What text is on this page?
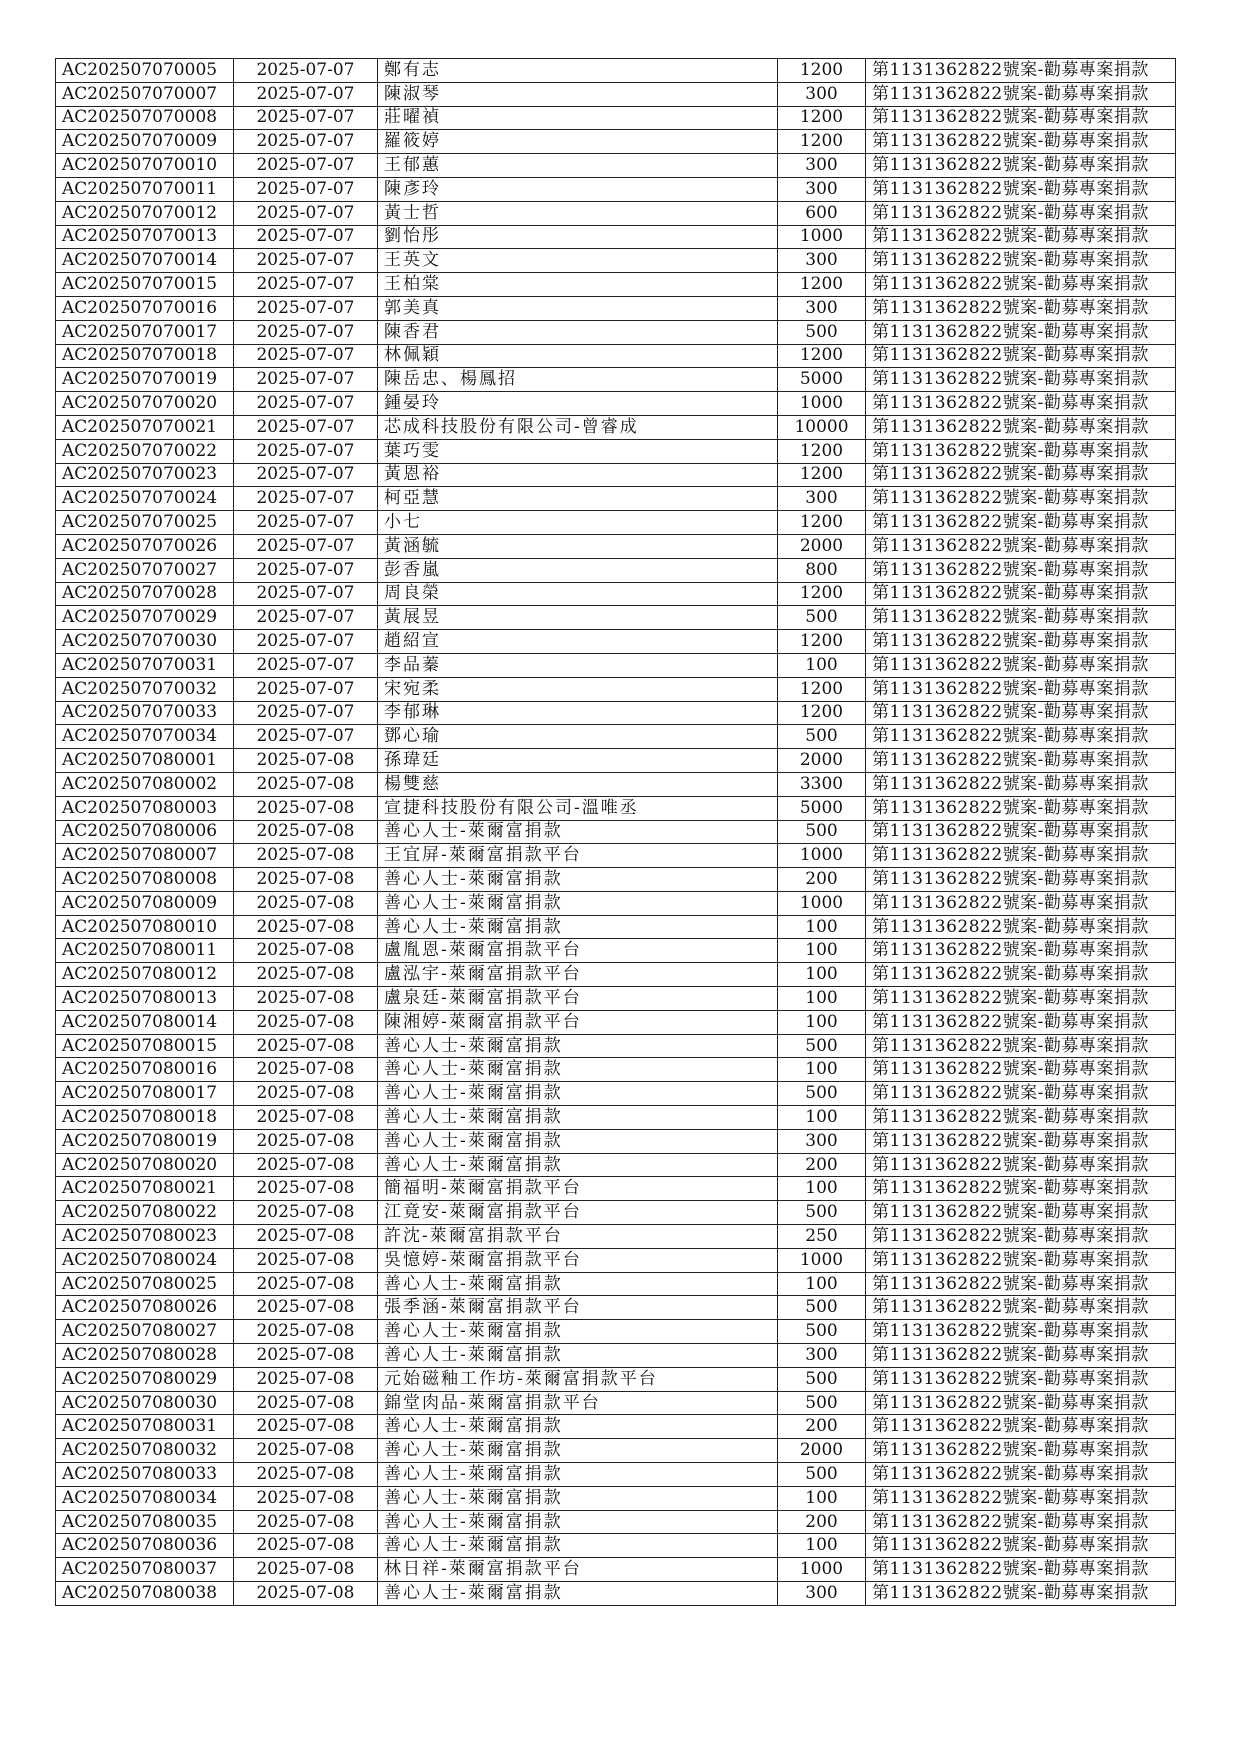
AC202507070005	2025-07-07	鄭有志	1200	第1131362822號案-勸募專案捐款
AC202507070007	2025-07-07	陳淑琴	300	第1131362822號案-勸募專案捐款
AC202507070008	2025-07-07	莊曜禎	1200	第1131362822號案-勸募專案捐款
AC202507070009	2025-07-07	羅筱婷	1200	第1131362822號案-勸募專案捐款
AC202507070010	2025-07-07	王郁蕙	300	第1131362822號案-勸募專案捐款
AC202507070011	2025-07-07	陳彥玲	300	第1131362822號案-勸募專案捐款
AC202507070012	2025-07-07	黃士哲	600	第1131362822號案-勸募專案捐款
AC202507070013	2025-07-07	劉怡彤	1000	第1131362822號案-勸募專案捐款
AC202507070014	2025-07-07	王英文	300	第1131362822號案-勸募專案捐款
AC202507070015	2025-07-07	王柏棠	1200	第1131362822號案-勸募專案捐款
AC202507070016	2025-07-07	郭美真	300	第1131362822號案-勸募專案捐款
AC202507070017	2025-07-07	陳香君	500	第1131362822號案-勸募專案捐款
AC202507070018	2025-07-07	林佩穎	1200	第1131362822號案-勸募專案捐款
AC202507070019	2025-07-07	陳岳忠、楊鳳招	5000	第1131362822號案-勸募專案捐款
AC202507070020	2025-07-07	鍾晏玲	1000	第1131362822號案-勸募專案捐款
AC202507070021	2025-07-07	芯成科技股份有限公司-曾睿成	10000	第1131362822號案-勸募專案捐款
AC202507070022	2025-07-07	葉巧雯	1200	第1131362822號案-勸募專案捐款
AC202507070023	2025-07-07	黃恩裕	1200	第1131362822號案-勸募專案捐款
AC202507070024	2025-07-07	柯亞慧	300	第1131362822號案-勸募專案捐款
AC202507070025	2025-07-07	小七	1200	第1131362822號案-勸募專案捐款
AC202507070026	2025-07-07	黃涵毓	2000	第1131362822號案-勸募專案捐款
AC202507070027	2025-07-07	彭香嵐	800	第1131362822號案-勸募專案捐款
AC202507070028	2025-07-07	周良榮	1200	第1131362822號案-勸募專案捐款
AC202507070029	2025-07-07	黃展昱	500	第1131362822號案-勸募專案捐款
AC202507070030	2025-07-07	趙紹宣	1200	第1131362822號案-勸募專案捐款
AC202507070031	2025-07-07	李品蓁	100	第1131362822號案-勸募專案捐款
AC202507070032	2025-07-07	宋宛柔	1200	第1131362822號案-勸募專案捐款
AC202507070033	2025-07-07	李郁琳	1200	第1131362822號案-勸募專案捐款
AC202507070034	2025-07-07	鄧心瑜	500	第1131362822號案-勸募專案捐款
AC202507080001	2025-07-08	孫瑋廷	2000	第1131362822號案-勸募專案捐款
AC202507080002	2025-07-08	楊雙慈	3300	第1131362822號案-勸募專案捐款
AC202507080003	2025-07-08	宣捷科技股份有限公司-溫唯丞	5000	第1131362822號案-勸募專案捐款
AC202507080006	2025-07-08	善心人士-萊爾富捐款	500	第1131362822號案-勸募專案捐款
AC202507080007	2025-07-08	王宜屏-萊爾富捐款平台	1000	第1131362822號案-勸募專案捐款
AC202507080008	2025-07-08	善心人士-萊爾富捐款	200	第1131362822號案-勸募專案捐款
AC202507080009	2025-07-08	善心人士-萊爾富捐款	1000	第1131362822號案-勸募專案捐款
AC202507080010	2025-07-08	善心人士-萊爾富捐款	100	第1131362822號案-勸募專案捐款
AC202507080011	2025-07-08	盧胤恩-萊爾富捐款平台	100	第1131362822號案-勸募專案捐款
AC202507080012	2025-07-08	盧泓宇-萊爾富捐款平台	100	第1131362822號案-勸募專案捐款
AC202507080013	2025-07-08	盧泉廷-萊爾富捐款平台	100	第1131362822號案-勸募專案捐款
AC202507080014	2025-07-08	陳湘婷-萊爾富捐款平台	100	第1131362822號案-勸募專案捐款
AC202507080015	2025-07-08	善心人士-萊爾富捐款	500	第1131362822號案-勸募專案捐款
AC202507080016	2025-07-08	善心人士-萊爾富捐款	100	第1131362822號案-勸募專案捐款
AC202507080017	2025-07-08	善心人士-萊爾富捐款	500	第1131362822號案-勸募專案捐款
AC202507080018	2025-07-08	善心人士-萊爾富捐款	100	第1131362822號案-勸募專案捐款
AC202507080019	2025-07-08	善心人士-萊爾富捐款	300	第1131362822號案-勸募專案捐款
AC202507080020	2025-07-08	善心人士-萊爾富捐款	200	第1131362822號案-勸募專案捐款
AC202507080021	2025-07-08	簡福明-萊爾富捐款平台	100	第1131362822號案-勸募專案捐款
AC202507080022	2025-07-08	江竟安-萊爾富捐款平台	500	第1131362822號案-勸募專案捐款
AC202507080023	2025-07-08	許沈-萊爾富捐款平台	250	第1131362822號案-勸募專案捐款
AC202507080024	2025-07-08	吳憶婷-萊爾富捐款平台	1000	第1131362822號案-勸募專案捐款
AC202507080025	2025-07-08	善心人士-萊爾富捐款	100	第1131362822號案-勸募專案捐款
AC202507080026	2025-07-08	張季涵-萊爾富捐款平台	500	第1131362822號案-勸募專案捐款
AC202507080027	2025-07-08	善心人士-萊爾富捐款	500	第1131362822號案-勸募專案捐款
AC202507080028	2025-07-08	善心人士-萊爾富捐款	300	第1131362822號案-勸募專案捐款
AC202507080029	2025-07-08	元始磁釉工作坊-萊爾富捐款平台	500	第1131362822號案-勸募專案捐款
AC202507080030	2025-07-08	錦堂肉品-萊爾富捐款平台	500	第1131362822號案-勸募專案捐款
AC202507080031	2025-07-08	善心人士-萊爾富捐款	200	第1131362822號案-勸募專案捐款
AC202507080032	2025-07-08	善心人士-萊爾富捐款	2000	第1131362822號案-勸募專案捐款
AC202507080033	2025-07-08	善心人士-萊爾富捐款	500	第1131362822號案-勸募專案捐款
AC202507080034	2025-07-08	善心人士-萊爾富捐款	100	第1131362822號案-勸募專案捐款
AC202507080035	2025-07-08	善心人士-萊爾富捐款	200	第1131362822號案-勸募專案捐款
AC202507080036	2025-07-08	善心人士-萊爾富捐款	100	第1131362822號案-勸募專案捐款
AC202507080037	2025-07-08	林日祥-萊爾富捐款平台	1000	第1131362822號案-勸募專案捐款
AC202507080038	2025-07-08	善心人士-萊爾富捐款	300	第1131362822號案-勸募專案捐款
